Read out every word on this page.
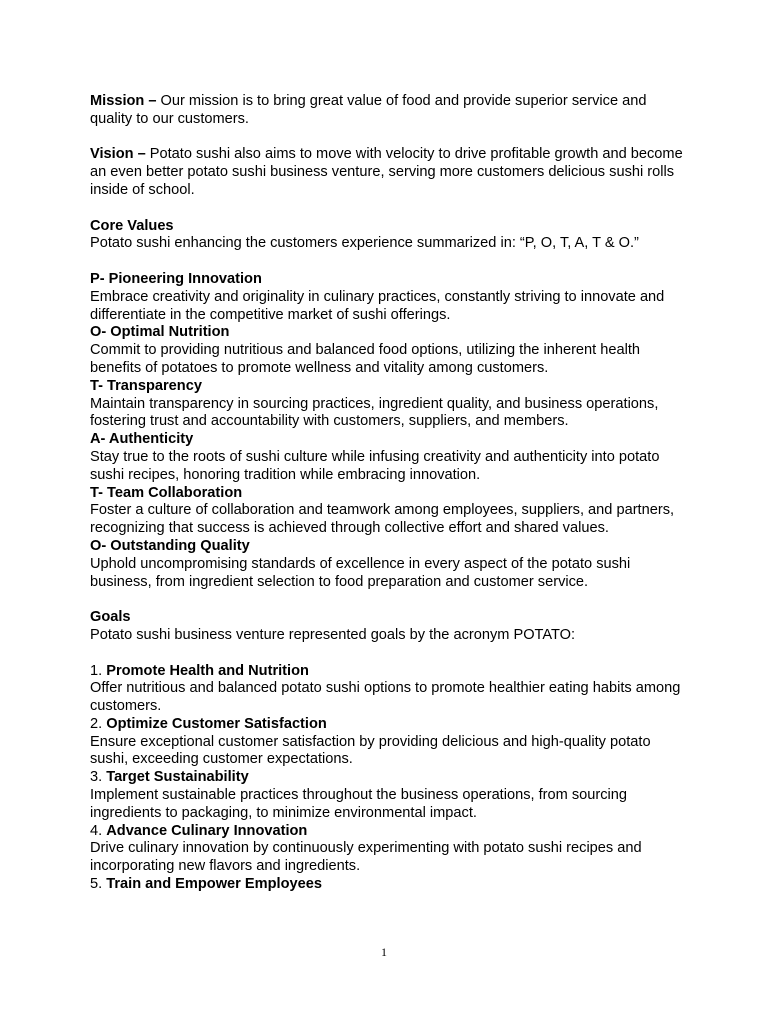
Mission – Our mission is to bring great value of food and provide superior service and quality to our customers.

Vision – Potato sushi also aims to move with velocity to drive profitable growth and become an even better potato sushi business venture, serving more customers delicious sushi rolls inside of school.

Core Values

Potato sushi enhancing the customers experience summarized in: “P, O, T, A, T & O.”

P- Pioneering Innovation

Embrace creativity and originality in culinary practices, constantly striving to innovate and differentiate in the competitive market of sushi offerings.

O- Optimal Nutrition

Commit to providing nutritious and balanced food options, utilizing the inherent health benefits of potatoes to promote wellness and vitality among customers.

T- Transparency

Maintain transparency in sourcing practices, ingredient quality, and business operations, fostering trust and accountability with customers, suppliers, and members.

A- Authenticity

Stay true to the roots of sushi culture while infusing creativity and authenticity into potato sushi recipes, honoring tradition while embracing innovation.

T- Team Collaboration

Foster a culture of collaboration and teamwork among employees, suppliers, and partners, recognizing that success is achieved through collective effort and shared values.

O- Outstanding Quality

Uphold uncompromising standards of excellence in every aspect of the potato sushi business, from ingredient selection to food preparation and customer service.

Goals

Potato sushi business venture represented goals by the acronym POTATO:

1. Promote Health and Nutrition

Offer nutritious and balanced potato sushi options to promote healthier eating habits among customers.

2. Optimize Customer Satisfaction

Ensure exceptional customer satisfaction by providing delicious and high-quality potato sushi, exceeding customer expectations.

3. Target Sustainability

Implement sustainable practices throughout the business operations, from sourcing ingredients to packaging, to minimize environmental impact.

4. Advance Culinary Innovation

Drive culinary innovation by continuously experimenting with potato sushi recipes and incorporating new flavors and ingredients.

5. Train and Empower Employees

1
